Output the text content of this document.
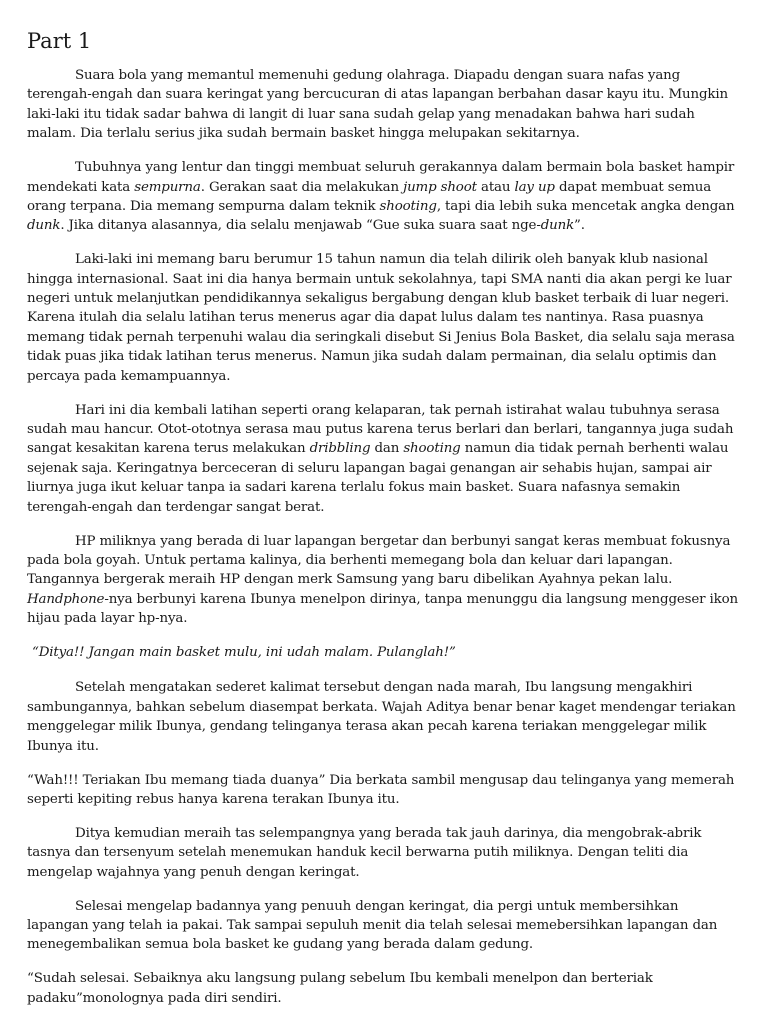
Part 1

Suara bola yang memantul memenuhi gedung olahraga. Diapadu dengan suara nafas yang terengah-engah dan suara keringat yang bercucuran di atas lapangan berbahan dasar kayu itu. Mungkin laki-laki itu tidak sadar bahwa di langit di luar sana sudah gelap yang menadakan bahwa hari sudah malam. Dia terlalu serius jika sudah bermain basket hingga melupakan sekitarnya.

Tubuhnya yang lentur dan tinggi membuat seluruh gerakannya dalam bermain bola basket hampir mendekati kata sempurna. Gerakan saat dia melakukan jump shoot atau lay up dapat membuat semua orang terpana. Dia memang sempurna dalam teknik shooting, tapi dia lebih suka mencetak angka dengan dunk. Jika ditanya alasannya, dia selalu menjawab “Gue suka suara saat nge-dunk”.

Laki-laki ini memang baru berumur 15 tahun namun dia telah dilirik oleh banyak klub nasional hingga internasional. Saat ini dia hanya bermain untuk sekolahnya, tapi SMA nanti dia akan pergi ke luar negeri untuk melanjutkan pendidikannya sekaligus bergabung dengan klub basket terbaik di luar negeri. Karena itulah dia selalu latihan terus menerus agar dia dapat lulus dalam tes nantinya. Rasa puasnya memang tidak pernah terpenuhi walau dia seringkali disebut Si Jenius Bola Basket, dia selalu saja merasa tidak puas jika tidak latihan terus menerus. Namun jika sudah dalam permainan, dia selalu optimis dan percaya pada kemampuannya.

Hari ini dia kembali latihan seperti orang kelaparan, tak pernah istirahat walau tubuhnya serasa sudah mau hancur. Otot-ototnya serasa mau putus karena terus berlari dan berlari, tangannya juga sudah sangat kesakitan karena terus melakukan dribbling dan shooting namun dia tidak pernah berhenti walau sejenak saja. Keringatnya berceceran di seluru lapangan bagai genangan air sehabis hujan, sampai air liurnya juga ikut keluar tanpa ia sadari karena terlalu fokus main basket. Suara nafasnya semakin terengah-engah dan terdengar sangat berat.

HP miliknya yang berada di luar lapangan bergetar dan berbunyi sangat keras membuat fokusnya pada bola goyah. Untuk pertama kalinya, dia berhenti memegang bola dan keluar dari lapangan. Tangannya bergerak meraih HP dengan merk Samsung yang baru dibelikan Ayahnya pekan lalu. Handphone-nya berbunyi karena Ibunya menelpon dirinya, tanpa menunggu dia langsung menggeser ikon hijau pada layar hp-nya.

“Ditya!! Jangan main basket mulu, ini udah malam. Pulanglah!”

Setelah mengatakan sederet kalimat tersebut dengan nada marah, Ibu langsung mengakhiri sambungannya, bahkan sebelum diasempat berkata. Wajah Aditya benar benar kaget mendengar teriakan menggelegar milik Ibunya, gendang telinganya terasa akan pecah karena teriakan menggelegar milik Ibunya itu.

“Wah!!! Teriakan Ibu memang tiada duanya” Dia berkata sambil mengusap dau telinganya yang memerah seperti kepiting rebus hanya karena terakan Ibunya itu.

Ditya kemudian meraih tas selempangnya yang berada tak jauh darinya, dia mengobrak-abrik tasnya dan tersenyum setelah menemukan handuk kecil berwarna putih miliknya. Dengan teliti dia mengelap wajahnya yang penuh dengan keringat.

Selesai mengelap badannya yang penuuh dengan keringat, dia pergi untuk membersihkan lapangan yang telah ia pakai. Tak sampai sepuluh menit dia telah selesai memebersihkan lapangan dan menegembalikan semua bola basket ke gudang yang berada dalam gedung.

“Sudah selesai. Sebaiknya aku langsung pulang sebelum Ibu kembali menelpon dan berteriak padaku”monolognya pada diri sendiri.
